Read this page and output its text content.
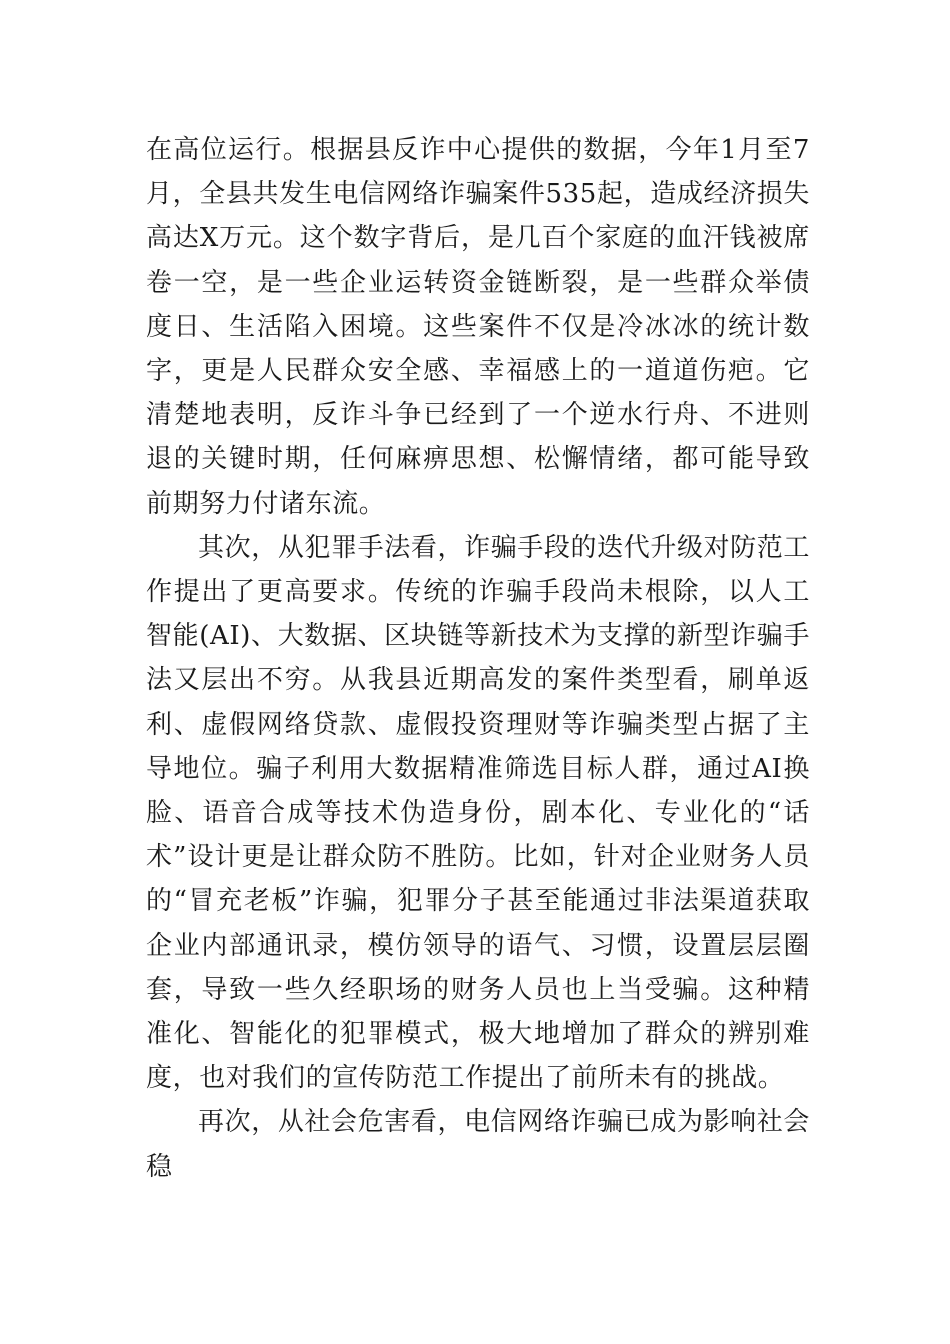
在高位运行。根据县反诈中心提供的数据，今年1月至7月，全县共发生电信网络诈骗案件535起，造成经济损失高达X万元。这个数字背后，是几百个家庭的血汗钱被席卷一空，是一些企业运转资金链断裂，是一些群众举债度日、生活陷入困境。这些案件不仅是冷冰冰的统计数字，更是人民群众安全感、幸福感上的一道道伤疤。它清楚地表明，反诈斗争已经到了一个逆水行舟、不进则退的关键时期，任何麻痹思想、松懈情绪，都可能导致前期努力付诸东流。

其次，从犯罪手法看，诈骗手段的迭代升级对防范工作提出了更高要求。传统的诈骗手段尚未根除，以人工智能(AI)、大数据、区块链等新技术为支撑的新型诈骗手法又层出不穷。从我县近期高发的案件类型看，刷单返利、虚假网络贷款、虚假投资理财等诈骗类型占据了主导地位。骗子利用大数据精准筛选目标人群，通过AI换脸、语音合成等技术伪造身份，剧本化、专业化的“话术”设计更是让群众防不胜防。比如，针对企业财务人员的“冒充老板”诈骗，犯罪分子甚至能通过非法渠道获取企业内部通讯录，模仿领导的语气、习惯，设置层层圈套，导致一些久经职场的财务人员也上当受骗。这种精准化、智能化的犯罪模式，极大地增加了群众的辨别难度，也对我们的宣传防范工作提出了前所未有的挑战。

再次，从社会危害看，电信网络诈骗已成为影响社会稳
